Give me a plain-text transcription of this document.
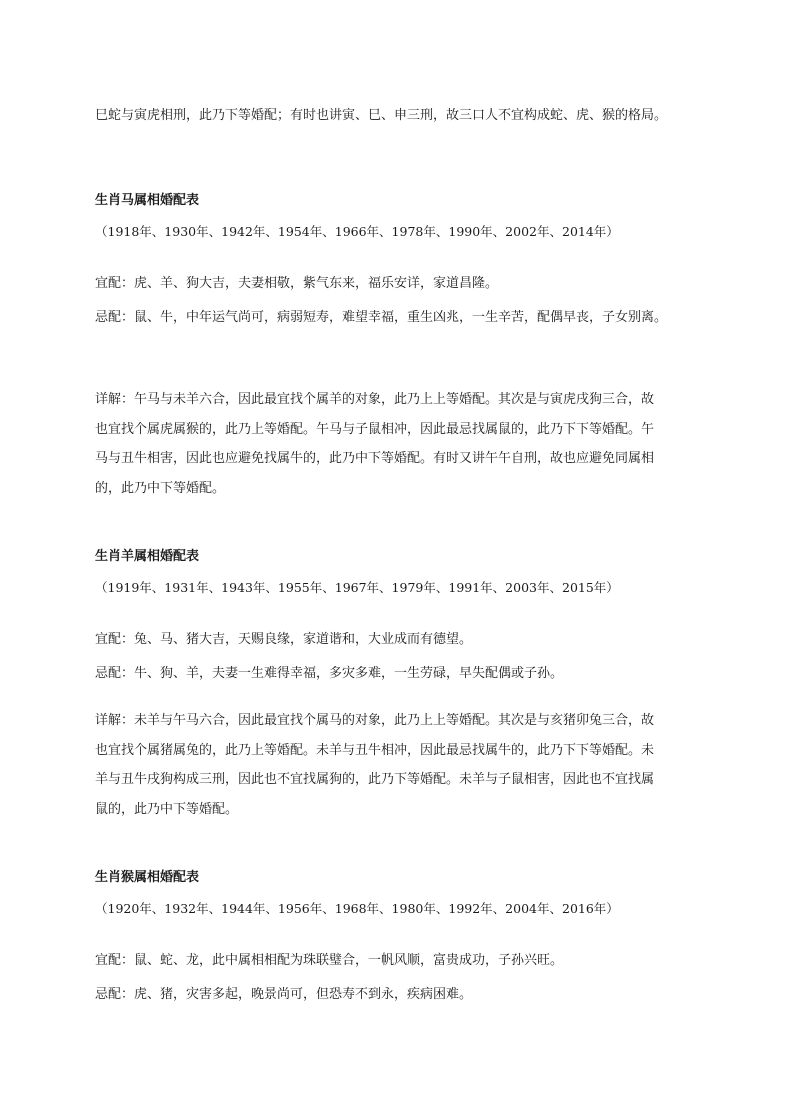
巳蛇与寅虎相刑，此乃下等婚配；有时也讲寅、巳、申三刑，故三口人不宜构成蛇、虎、猴的格局。

生肖马属相婚配表

（1918年、1930年、1942年、1954年、1966年、1978年、1990年、2002年、2014年）

宜配：虎、羊、狗大吉，夫妻相敬，紫气东来，福乐安详，家道昌隆。

忌配：鼠、牛，中年运气尚可，病弱短寿，难望幸福，重生凶兆，一生辛苦，配偶早丧，子女别离。

详解：午马与未羊六合，因此最宜找个属羊的对象，此乃上上等婚配。其次是与寅虎戌狗三合，故
也宜找个属虎属猴的，此乃上等婚配。午马与子鼠相冲，因此最忌找属鼠的，此乃下下等婚配。午
马与丑牛相害，因此也应避免找属牛的，此乃中下等婚配。有时又讲午午自刑，故也应避免同属相
的，此乃中下等婚配。

生肖羊属相婚配表

（1919年、1931年、1943年、1955年、1967年、1979年、1991年、2003年、2015年）

宜配：兔、马、猪大吉，天赐良缘，家道谐和，大业成而有德望。

忌配：牛、狗、羊，夫妻一生难得幸福，多灾多难，一生劳碌，早失配偶或子孙。

详解：未羊与午马六合，因此最宜找个属马的对象，此乃上上等婚配。其次是与亥猪卯兔三合，故
也宜找个属猪属兔的，此乃上等婚配。未羊与丑牛相冲，因此最忌找属牛的，此乃下下等婚配。未
羊与丑牛戌狗构成三刑，因此也不宜找属狗的，此乃下等婚配。未羊与子鼠相害，因此也不宜找属
鼠的，此乃中下等婚配。

生肖猴属相婚配表

（1920年、1932年、1944年、1956年、1968年、1980年、1992年、2004年、2016年）

宜配：鼠、蛇、龙，此中属相相配为珠联璧合，一帆风顺，富贵成功，子孙兴旺。

忌配：虎、猪，灾害多起，晚景尚可，但恐寿不到永，疾病困难。
